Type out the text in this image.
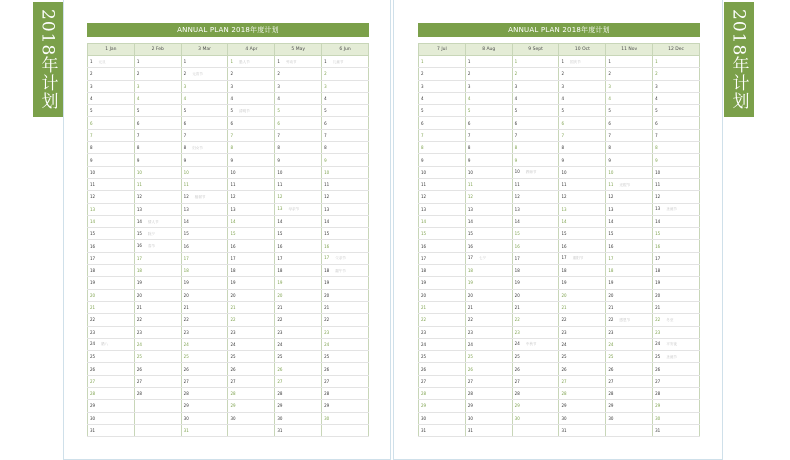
2018年计划	2018年计划
ANNUAL PLAN 2018年度计划
1 Jan	2 Feb	3 Mar	4 Apr	5 May	6 Jun
1 元旦	1	1	1 愚人节	1 劳动节	1 儿童节
2	2	2 元宵节	2	2	2
3	3	3	3	3	3
4	4	4	4	4	4
5	5	5	5 清明节	5	5
6	6	6	6	6	6
7	7	7	7	7	7
8	8	8 妇女节	8	8	8
9	9	9	9	9	9
10	10	10	10	10	10
11	11	11	11	11	11
12	12	12 植树节	12	12	12
13	13	13	13	13 母亲节	13
14	14 情人节	14	14	14	14
15	15 除夕	15	15	15	15
16	16 春节	16	16	16	16
17	17	17	17	17	17 父亲节
18	18	18	18	18	18 端午节
19	19	19	19	19	19
20	20	20	20	20	20
21	21	21	21	21	21
22	22	22	22	22	22
23	23	23	23	23	23
24 腊八	24	24	24	24	24
25	25	25	25	25	25
26	26	26	26	26	26
27	27	27	27	27	27
28	28	28	28	28	28
29		29	29	29	29
30		30	30	30	30
31		31		31	
ANNUAL PLAN 2018年度计划
7 Jul	8 Aug	9 Sept	10 Oct	11 Nov	12 Dec
1	1	1	1 国庆节	1	1
2	2	2	2	2	2
3	3	3	3	3	3
4	4	4	4	4	4
5	5	5	5	5	5
6	6	6	6	6	6
7	7	7	7	7	7
8	8	8	8	8	8
9	9	9	9	9	9
10	10	10 教师节	10	10	10
11	11	11	11	11 光棍节	11
12	12	12	12	12	12
13	13	13	13	13	13 圣诞节
14	14	14	14	14	14
15	15	15	15	15	15
16	16	16	16	16	16
17	17 七夕	17	17 重阳节	17	17
18	18	18	18	18	18
19	19	19	19	19	19
20	20	20	20	20	20
21	21	21	21	21	21
22	22	22	22	22 感恩节	22 冬至
23	23	23	23	23	23
24	24	24 中秋节	24	24	24 平安夜
25	25	25	25	25	25 圣诞节
26	26	26	26	26	26
27	27	27	27	27	27
28	28	28	28	28	28
29	29	29	29	29	29
30	30	30	30	30	30
31	31		31		31
